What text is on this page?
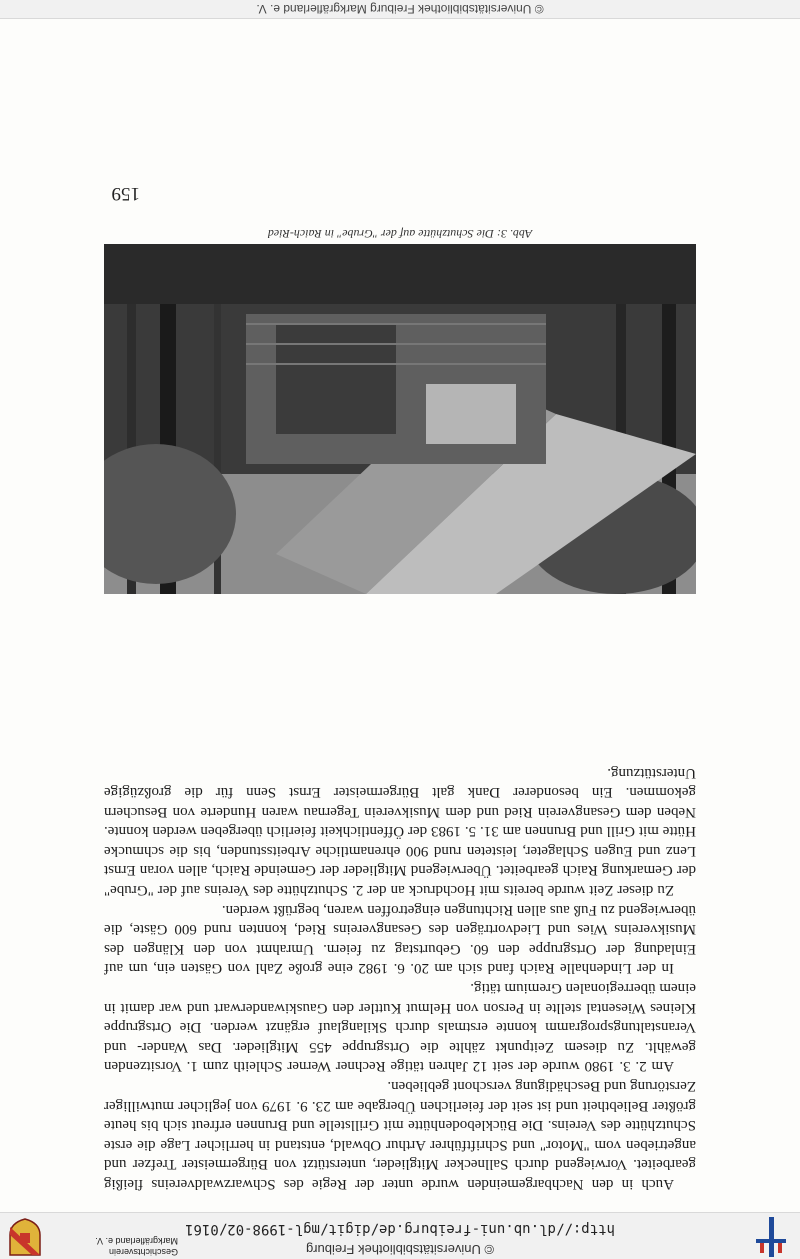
© Universitätsbibliothek Freiburg
http://dl.ub.uni-freiburg.de/digit/mgl-1998-02/0161
Geschichtsverein
Markgräflerland e. V.

Auch in den Nachbargemeinden wurde unter der Regie des Schwarzwaldvereins fleißig gearbeitet. Vorwiegend durch Sallnecker Mitglieder, unterstützt von Bürgermeister Trefzer und angetrieben vom "Motor" und Schriftführer Arthur Obwald, entstand in herrlicher Lage die erste Schutzhütte des Vereins. Die Bücklebodenhütte mit Grillstelle und Brunnen erfreut sich bis heute größter Beliebtheit und ist seit der feierlichen Übergabe am 23. 9. 1979 von jeglicher mutwilliger Zerstörung und Beschädigung verschont geblieben.

Am 2. 3. 1980 wurde der seit 12 Jahren tätige Rechner Werner Schleith zum 1. Vorsitzenden gewählt. Zu diesem Zeitpunkt zählte die Ortsgruppe 455 Mitglieder. Das Wander- und Veranstaltungsprogramm konnte erstmals durch Skilanglauf ergänzt werden. Die Ortsgruppe Kleines Wiesental stellte in Person von Helmut Kuttler den Gauskiwanderwart und war damit in einem überregionalen Gremium tätig.

In der Lindenhalle Raich fand sich am 20. 6. 1982 eine große Zahl von Gästen ein, um auf Einladung der Ortsgruppe den 60. Geburtstag zu feiern. Umrahmt von den Klängen des Musikvereins Wies und Liedvorträgen des Gesangvereins Ried, konnten rund 600 Gäste, die überwiegend zu Fuß aus allen Richtungen eingetroffen waren, begrüßt werden.

Zu dieser Zeit wurde bereits mit Hochdruck an der 2. Schutzhütte des Vereins auf der "Grube" der Gemarkung Raich gearbeitet. Überwiegend Mitglieder der Gemeinde Raich, allen voran Ernst Lenz und Eugen Schlageter, leisteten rund 900 ehrenamtliche Arbeitsstunden, bis die schmucke Hütte mit Grill und Brunnen am 31. 5. 1983 der Öffentlichkeit feierlich übergeben werden konnte. Neben dem Gesangverein Ried und dem Musikverein Tegernau waren Hunderte von Besuchern gekommen. Ein besonderer Dank galt Bürgermeister Ernst Senn für die großzügige Unterstützung.

Abb. 3: Die Schutzhütte auf der "Grube" in Raich-Ried
159
© Universitätsbibliothek Freiburg Markgräflerland e. V.
